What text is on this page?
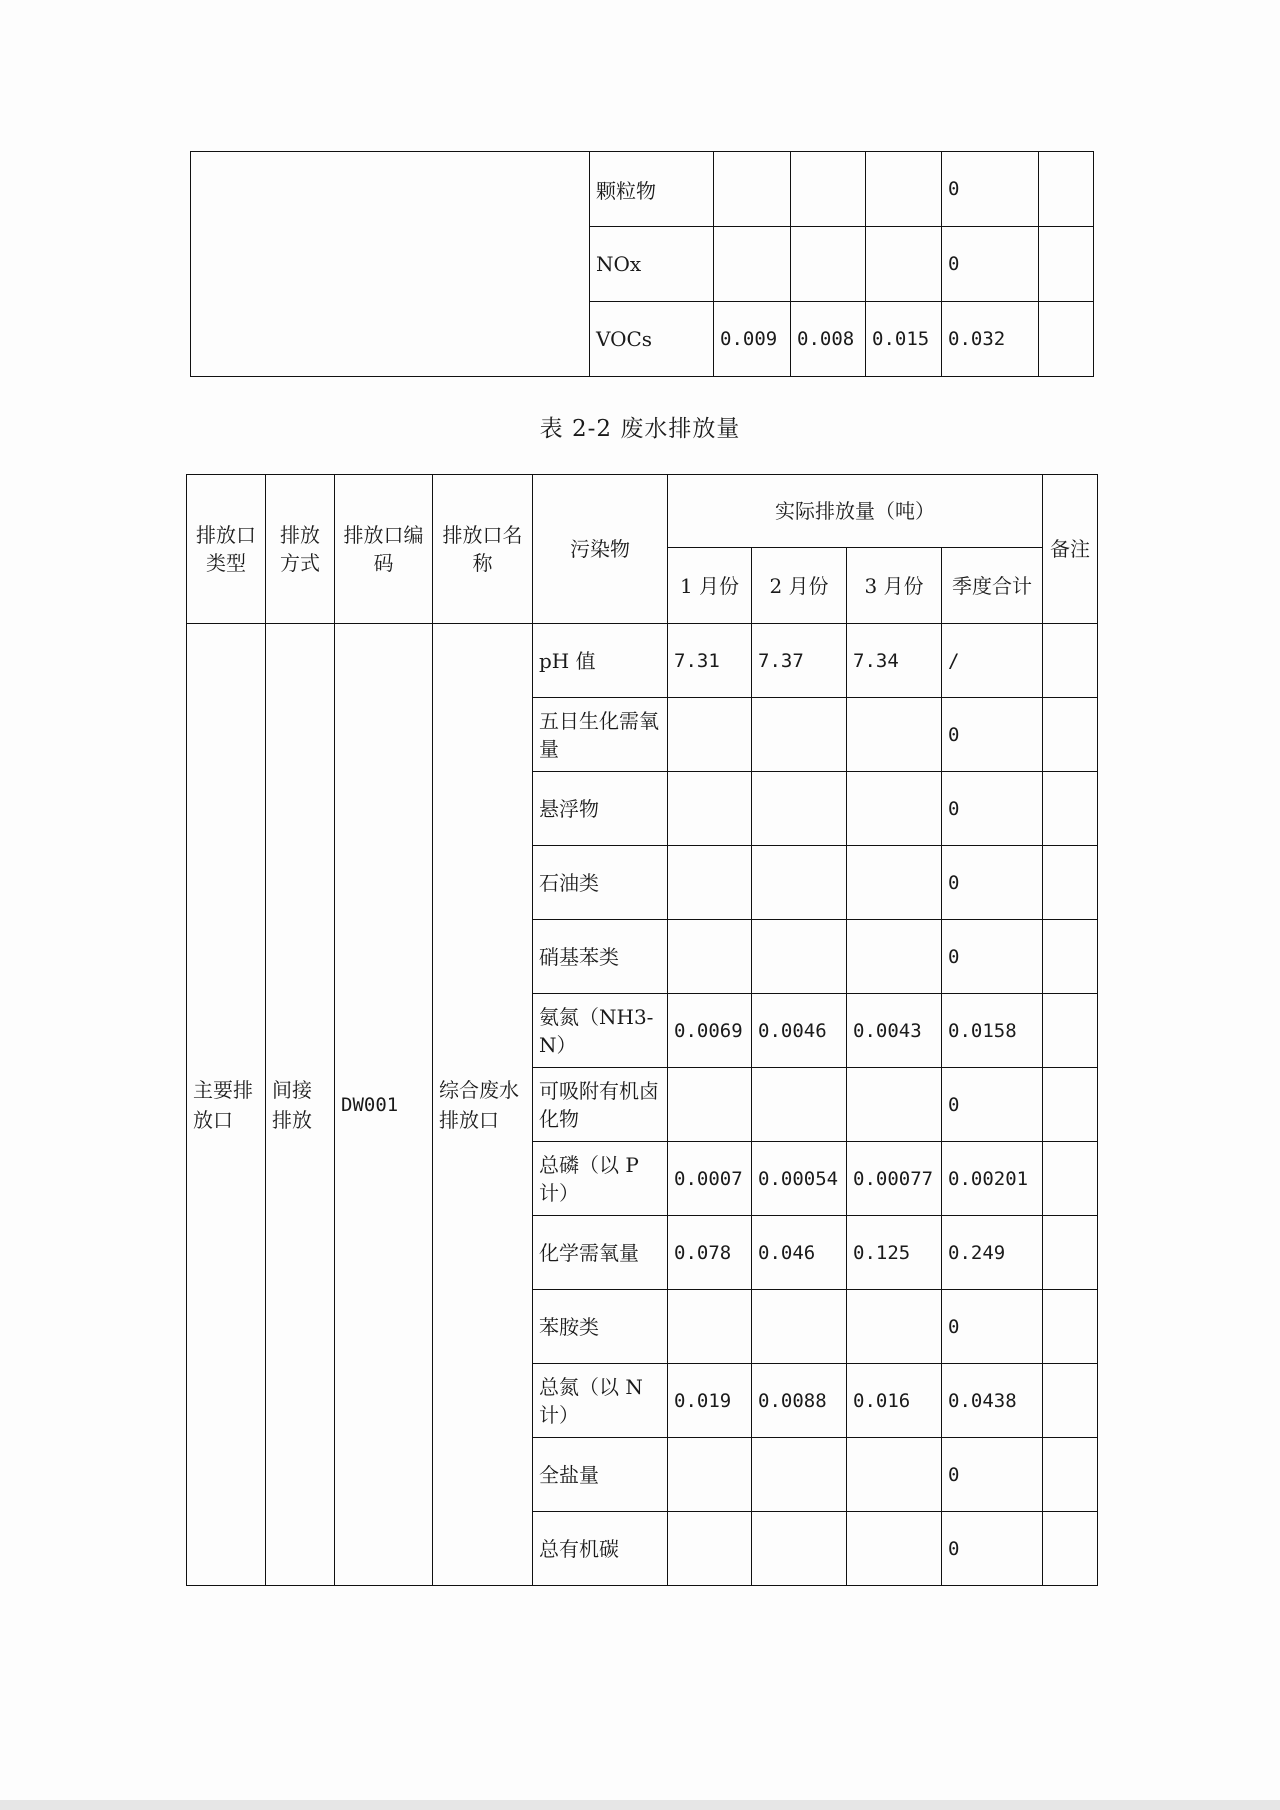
	颗粒物				0	
	NOx				0	
	VOCs	0.009	0.008	0.015	0.032	
表 2-2 废水排放量
排放口类型	排放方式	排放口编码	排放口名称	污染物	实际排放量（吨）				备注
					1 月份	2 月份	3 月份	季度合计	
主要排放口	间接排放	DW001	综合废水排放口	pH 值	7.31	7.37	7.34	/	
				五日生化需氧量				0	
				悬浮物				0	
				石油类				0	
				硝基苯类				0	
				氨氮（NH3-N）	0.0069	0.0046	0.0043	0.0158	
				可吸附有机卤化物				0	
				总磷（以 P 计）	0.0007	0.00054	0.00077	0.00201	
				化学需氧量	0.078	0.046	0.125	0.249	
				苯胺类				0	
				总氮（以 N 计）	0.019	0.0088	0.016	0.0438	
				全盐量				0	
				总有机碳				0	
